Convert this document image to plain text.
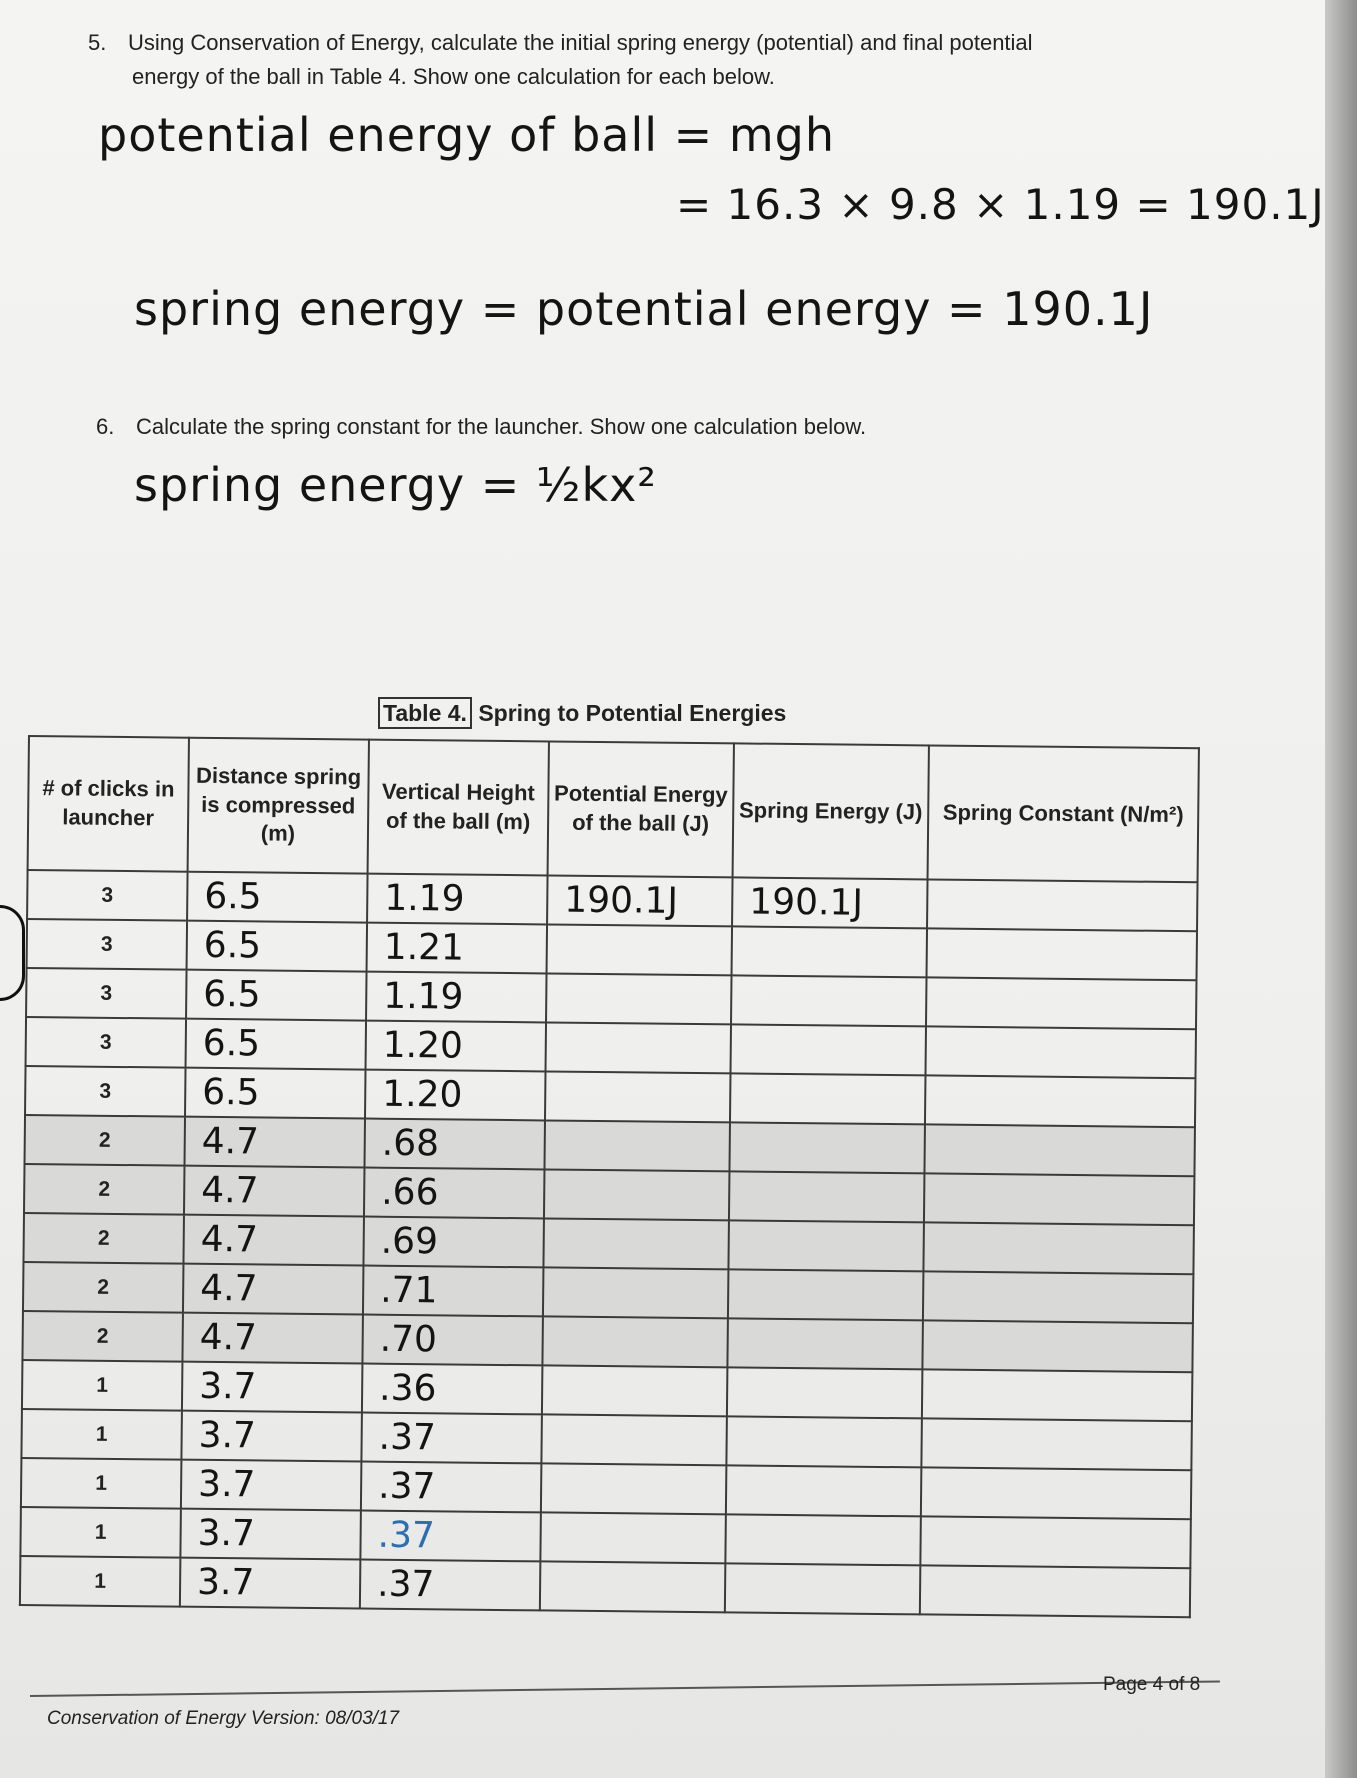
5. Using Conservation of Energy, calculate the initial spring energy (potential) and final potential
energy of the ball in Table 4. Show one calculation for each below.
potential energy of ball = mgh
= 16.3 × 9.8 × 1.19 = 190.1J
spring energy = potential energy = 190.1J
6. Calculate the spring constant for the launcher. Show one calculation below.
spring energy = ½kx²
Table 4. Spring to Potential Energies
# of clicks in launcher	Distance spring is compressed (m)	Vertical Height of the ball (m)	Potential Energy of the ball (J)	Spring Energy (J)	Spring Constant (N/m²)
3	6.5	1.19	190.1J	190.1J	
3	6.5	1.21			
3	6.5	1.19			
3	6.5	1.20			
3	6.5	1.20			
2	4.7	.68			
2	4.7	.66			
2	4.7	.69			
2	4.7	.71			
2	4.7	.70			
1	3.7	.36			
1	3.7	.37			
1	3.7	.37			
1	3.7	.37			
1	3.7	.37			
Conservation of Energy Version: 08/03/17
Page 4 of 8
